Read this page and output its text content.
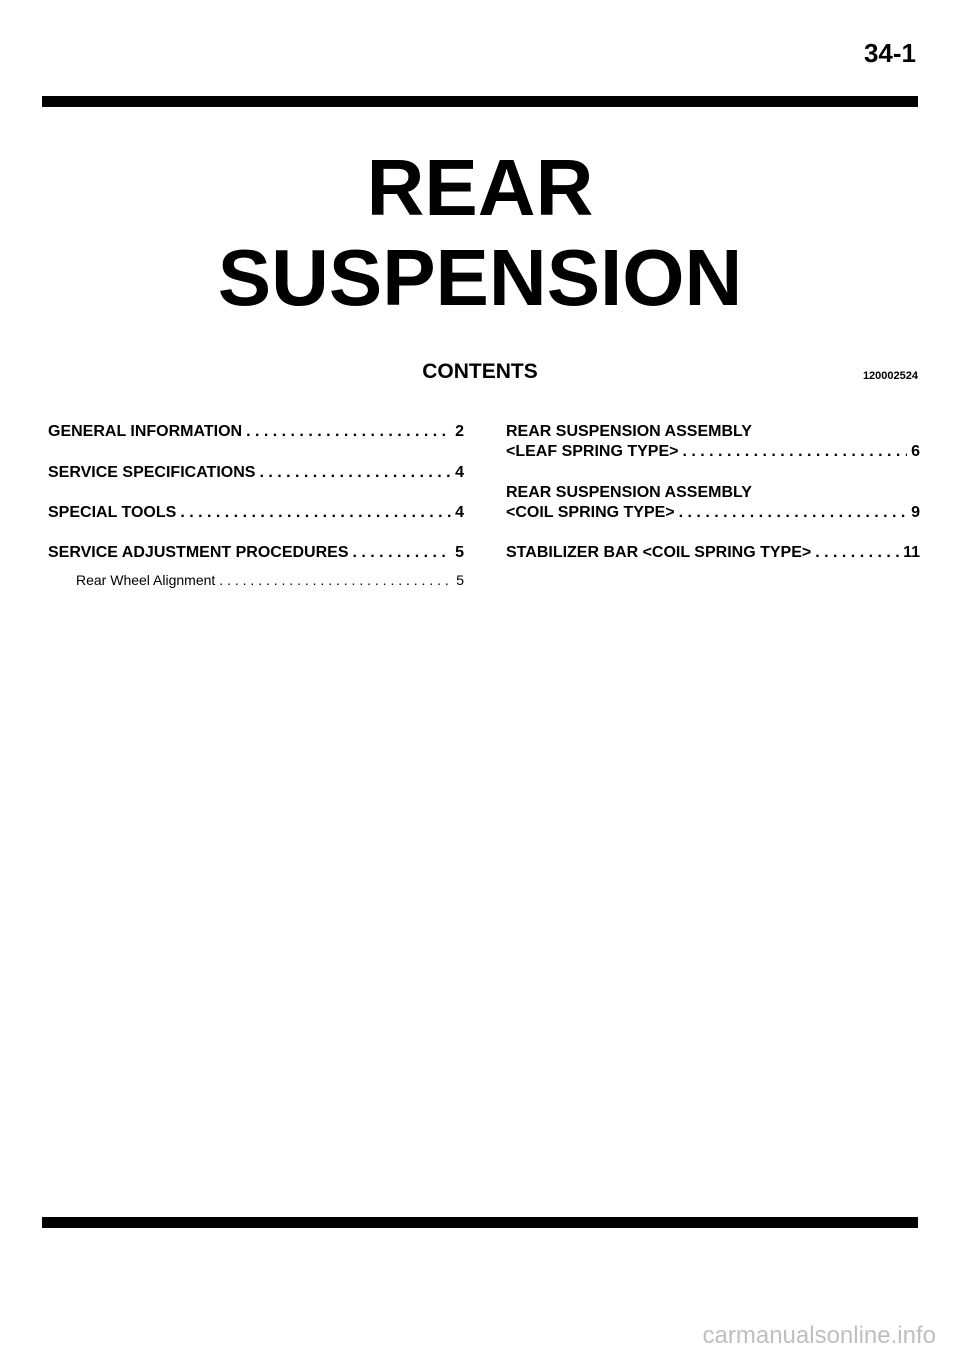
34-1
REAR
SUSPENSION
CONTENTS	120002524
GENERAL INFORMATION . . .	2
SERVICE SPECIFICATIONS . . .	4
SPECIAL TOOLS . . .	4
SERVICE ADJUSTMENT PROCEDURES . . .	5
Rear Wheel Alignment . . .	5
REAR SUSPENSION ASSEMBLY
<LEAF SPRING TYPE> . . .	6
REAR SUSPENSION ASSEMBLY
<COIL SPRING TYPE> . . .	9
STABILIZER BAR <COIL SPRING TYPE> . . .	11
carmanualsonline.info
